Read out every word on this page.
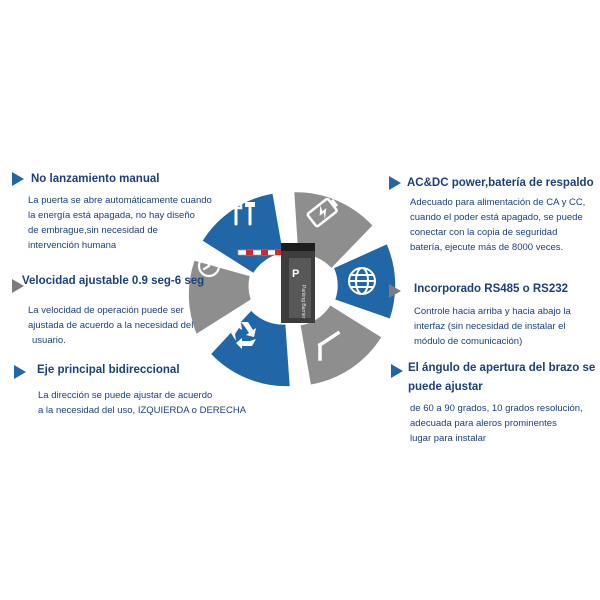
P
Parking Barrier
No lanzamiento manual
La puerta se abre automáticamente cuando
la energía está apagada, no hay diseño
de embrague,sin necesidad de
intervención humana
Velocidad ajustable 0.9 seg-6 seg
La velocidad de operación puede ser
ajustada de acuerdo a la necesidad del
usuario.
Eje principal bidireccional
La dirección se puede ajustar de acuerdo
a la necesidad del uso, IZQUIERDA o DERECHA
AC&DC power,batería de respaldo
Adecuado para alimentación de CA y CC,
cuando el poder está apagado, se puede
conectar con la copia de seguridad
batería, ejecute más de 8000 veces.
Incorporado RS485 o RS232
Controle hacia arriba y hacia abajo la
interfaz (sin necesidad de instalar el
módulo de comunicación)
El ángulo de apertura del brazo se
puede ajustar
de 60 a 90 grados, 10 grados resolución,
adecuada para aleros prominentes
lugar para instalar
